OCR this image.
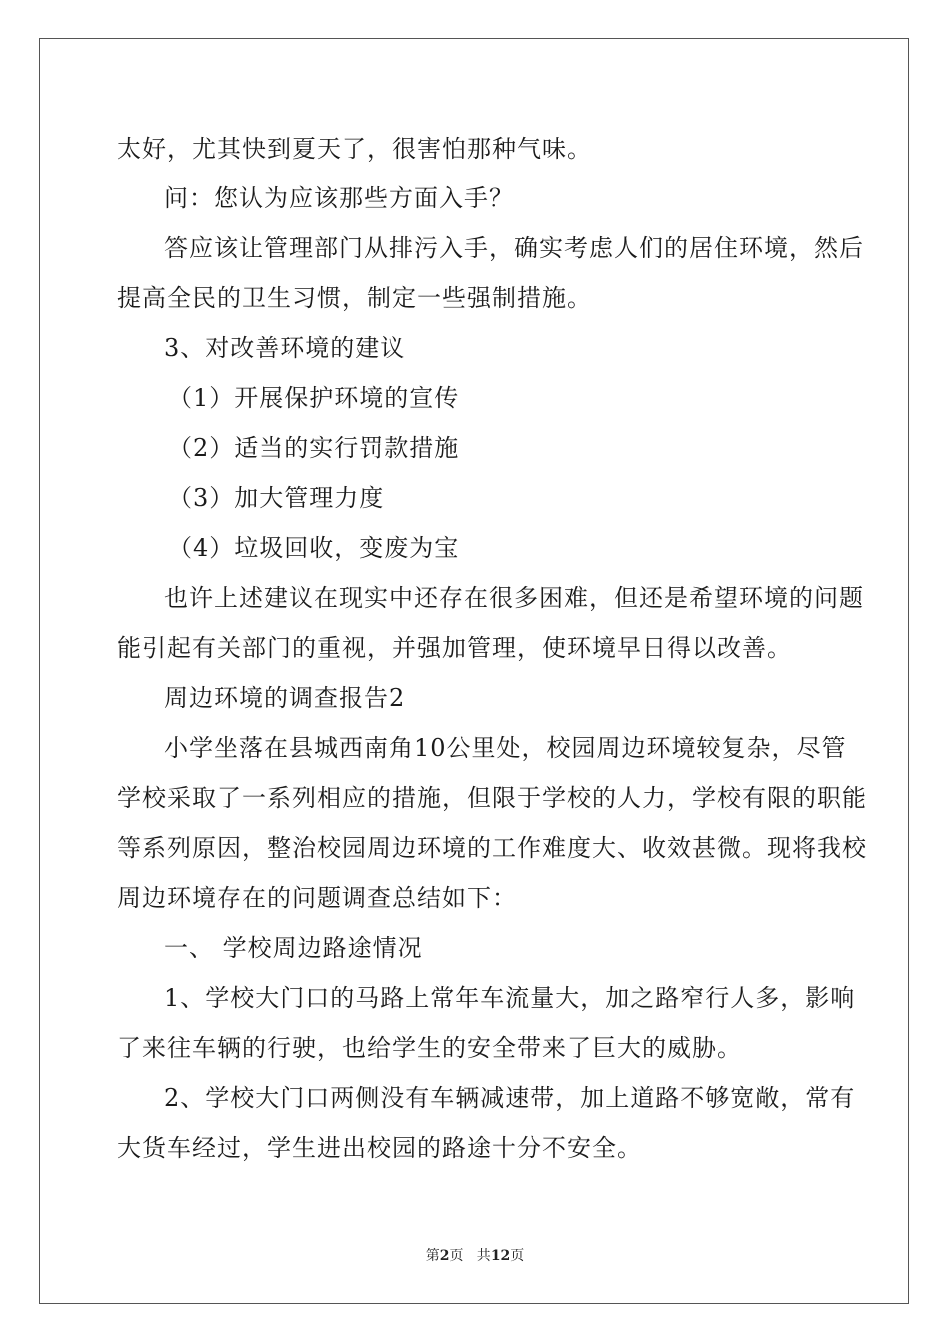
太好，尤其快到夏天了，很害怕那种气味。
问：您认为应该那些方面入手？
答应该让管理部门从排污入手，确实考虑人们的居住环境，然后
提高全民的卫生习惯，制定一些强制措施。
3、对改善环境的建议
（1）开展保护环境的宣传
（2）适当的实行罚款措施
（3）加大管理力度
（4）垃圾回收，变废为宝
也许上述建议在现实中还存在很多困难，但还是希望环境的问题
能引起有关部门的重视，并强加管理，使环境早日得以改善。
周边环境的调查报告2
小学坐落在县城西南角10公里处，校园周边环境较复杂，尽管
学校采取了一系列相应的措施，但限于学校的人力，学校有限的职能
等系列原因，整治校园周边环境的工作难度大、收效甚微。现将我校
周边环境存在的问题调查总结如下：
一、 学校周边路途情况
1、学校大门口的马路上常年车流量大，加之路窄行人多，影响
了来往车辆的行驶，也给学生的安全带来了巨大的威胁。
2、学校大门口两侧没有车辆减速带，加上道路不够宽敞，常有
大货车经过，学生进出校园的路途十分不安全。
第2页   共12页
